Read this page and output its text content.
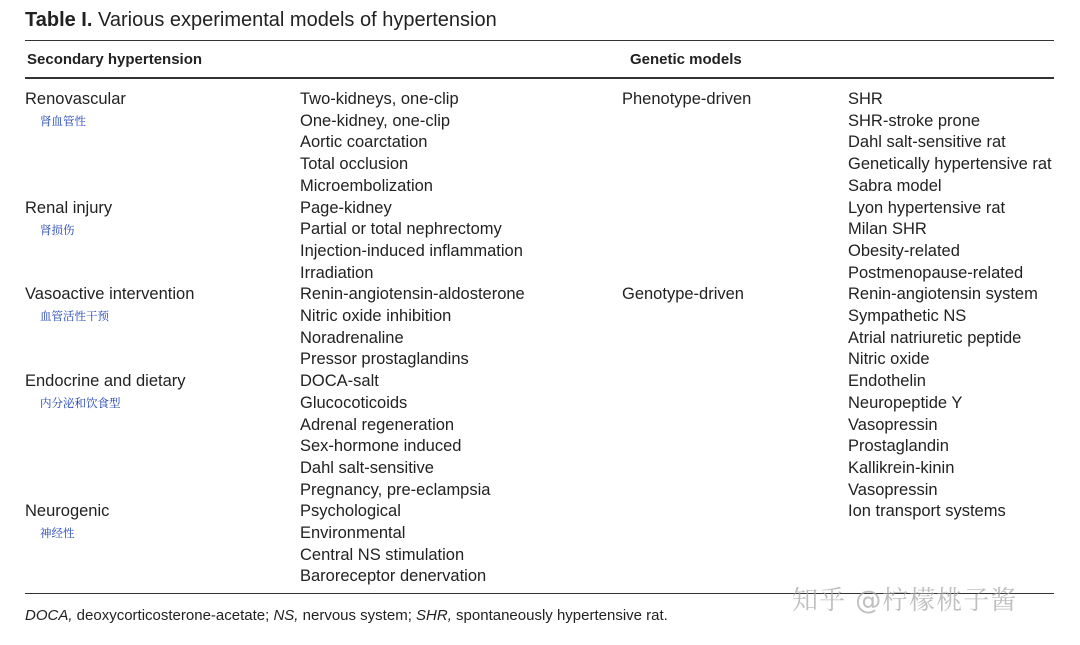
Table I. Various experimental models of hypertension
Secondary hypertension	Genetic models
Renovascular
肾血管性
Renal injury
肾损伤
Vasoactive intervention
血管活性干预
Endocrine and dietary
内分泌和饮食型
Neurogenic
神经性
Two-kidneys, one-clip
One-kidney, one-clip
Aortic coarctation
Total occlusion
Microembolization
Page-kidney
Partial or total nephrectomy
Injection-induced inflammation
Irradiation
Renin-angiotensin-aldosterone
Nitric oxide inhibition
Noradrenaline
Pressor prostaglandins
DOCA-salt
Glucocoticoids
Adrenal regeneration
Sex-hormone induced
Dahl salt-sensitive
Pregnancy, pre-eclampsia
Psychological
Environmental
Central NS stimulation
Baroreceptor denervation
Phenotype-driven
Genotype-driven
SHR
SHR-stroke prone
Dahl salt-sensitive rat
Genetically hypertensive rat
Sabra model
Lyon hypertensive rat
Milan SHR
Obesity-related
Postmenopause-related
Renin-angiotensin system
Sympathetic NS
Atrial natriuretic peptide
Nitric oxide
Endothelin
Neuropeptide Y
Vasopressin
Prostaglandin
Kallikrein-kinin
Vasopressin
Ion transport systems
DOCA, deoxycorticosterone-acetate; NS, nervous system; SHR, spontaneously hypertensive rat.	知乎 @柠檬桃子酱
